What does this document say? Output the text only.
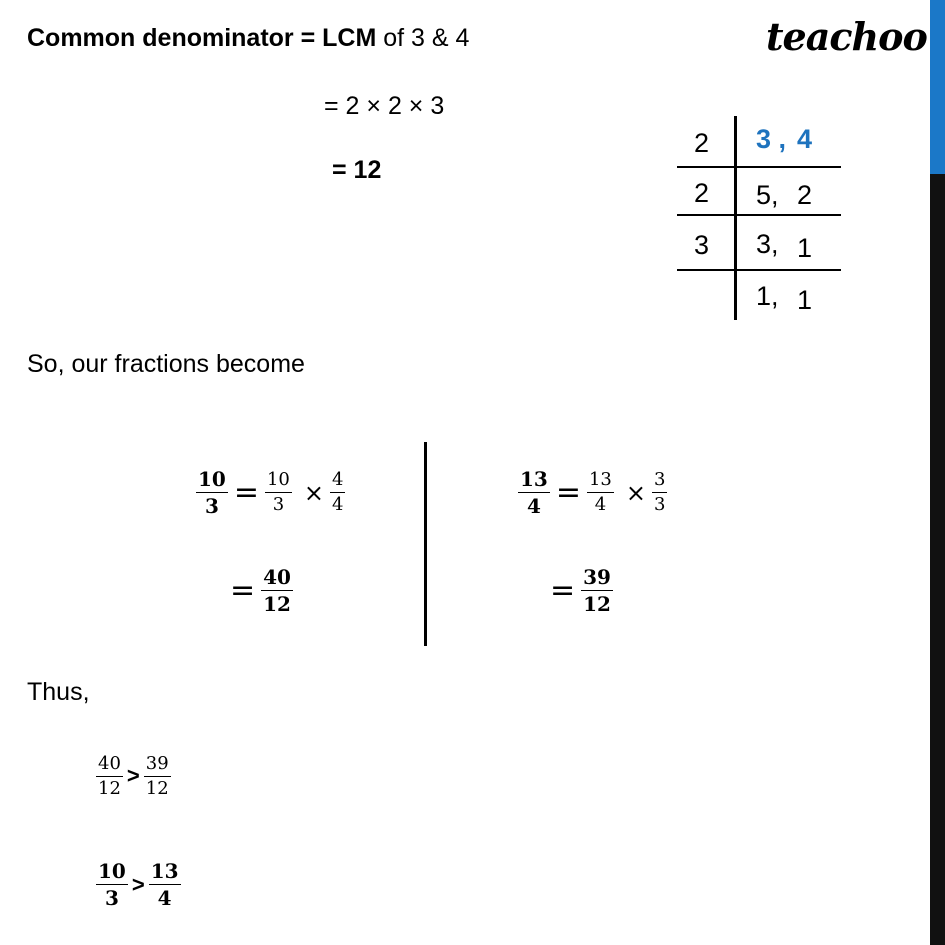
Common denominator = LCM of 3 & 4	teachoo
= 2 × 2 × 3
= 12
2 3 , 4
2 5, 2
3 3, 1
1, 1
So, our fractions become
$\frac{10}{3} = \frac{10}{3} \times \frac{4}{4}$
= $\frac{40}{12}$
$\frac{13}{4} = \frac{13}{4} \times \frac{3}{3}$
= $\frac{39}{12}$
Thus,
$\frac{40}{12} > \frac{39}{12}$
$\frac{10}{3} > \frac{13}{4}$
